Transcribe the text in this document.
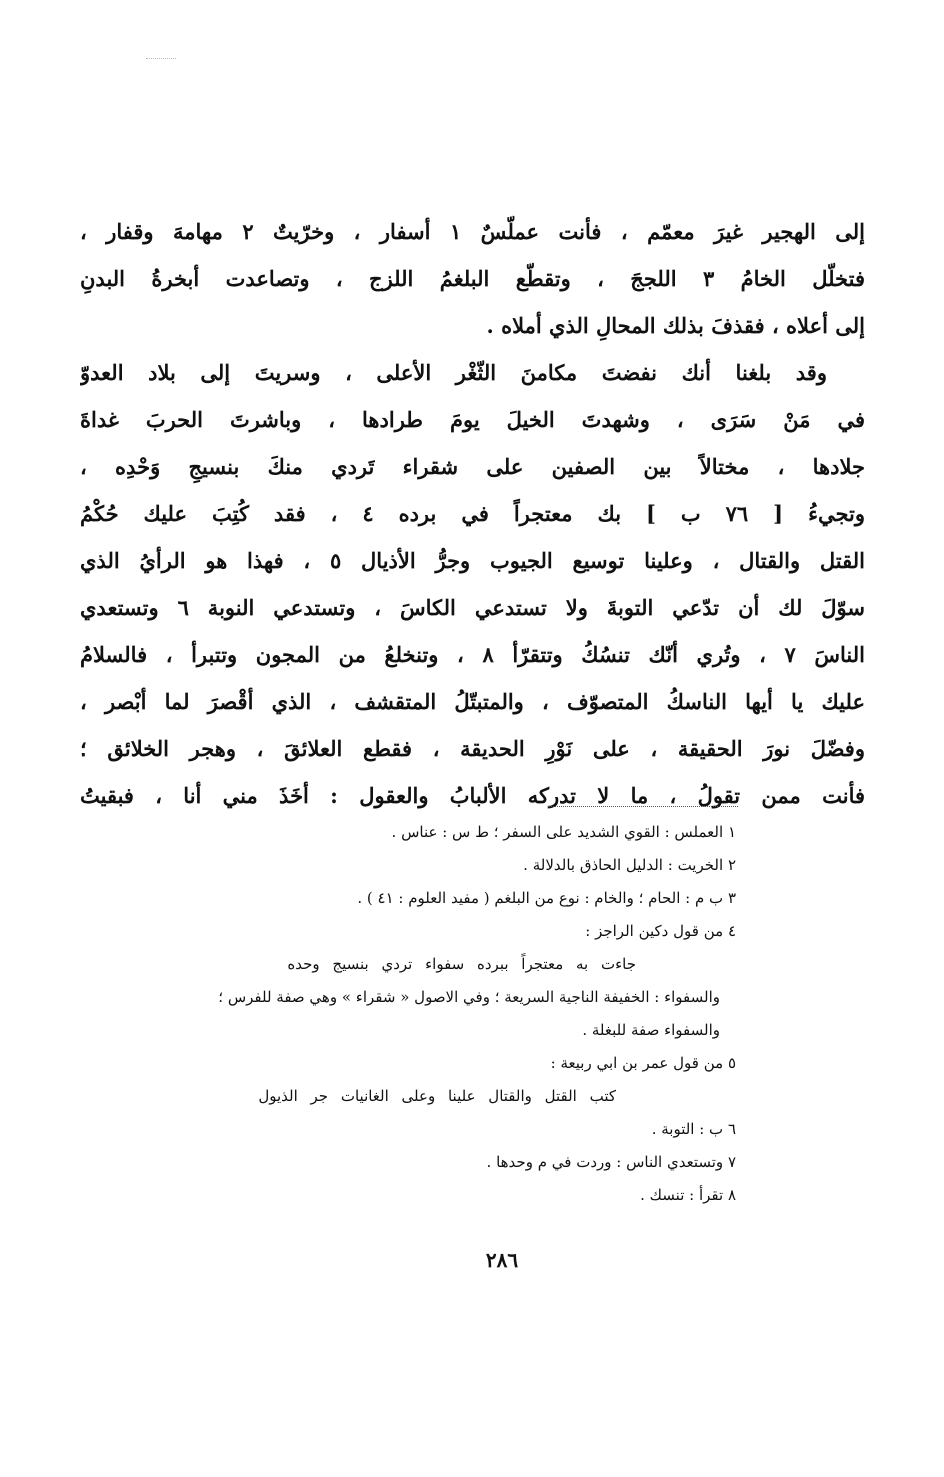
إلى الهجير غيرَ معمّم ، فأنت عملّسٌ ١ أسفار ، وخرّيتٌ ٢ مهامهَ وقفار ،
فتخلّل الخامُ ٣ اللججَ ، وتقطّع البلغمُ اللزج ، وتصاعدت أبخرةُ البدنِ
إلى أعلاه ، فقذفَ بذلك المحالِ الذي أملاه .
وقد بلغنا أنك نفضتَ مكامنَ الثّغْر الأعلى ، وسريتَ إلى بلاد العدوّ
في مَنْ سَرَى ، وشهدتَ الخيلَ يومَ طرادها ، وباشرتَ الحربَ غداةَ
جلادها ، مختالاً بين الصفين على شقراء تَردي منكَ بنسيجِ وَحْدِه ،
وتجيءُ [ ٧٦ ب ] بك معتجراً في برده ٤ ، فقد كُتِبَ عليك حُكْمُ
القتل والقتال ، وعلينا توسيع الجيوب وجرُّ الأذيال ٥ ، فهذا هو الرأيُ الذي
سوّلَ لك أن تدّعي التوبةَ ولا تستدعي الكاسَ ، وتستدعي النوبة ٦ وتستعدي
الناسَ ٧ ، وتُري أنّك تنسُكُ وتتقرّأ ٨ ، وتنخلعُ من المجون وتتبرأ ، فالسلامُ
عليك يا أيها الناسكُ المتصوّف ، والمتبتّلُ المتقشف ، الذي أقْصرَ لما أبْصر ،
وفضّلَ نورَ الحقيقة ، على نَوْرِ الحديقة ، فقطع العلائقَ ، وهجر الخلائق ؛
فأنت ممن تقولُ ، ما لا تدركه الألبابُ والعقول : أخَذَ مني أنا ، فبقيتُ
١ العملس : القوي الشديد على السفر ؛ ط س : عناس .
٢ الخريت : الدليل الحاذق بالدلالة .
٣ ب م : الحام ؛ والخام : نوع من البلغم ( مفيد العلوم : ٤١ ) .
٤ من قول دكين الراجز :
جاءت به معتجراً ببرده سفواء تردي بنسيج وحده
والسفواء : الخفيفة الناجية السريعة ؛ وفي الاصول « شقراء » وهي صفة للفرس ؛
والسفواء صفة للبغلة .
٥ من قول عمر بن ابي ربيعة :
كتب القتل والقتال علينا وعلى الغانيات جر الذيول
٦ ب : التوبة .
٧ وتستعدي الناس : وردت في م وحدها .
٨ تقرأ : تنسك .
٢٨٦
